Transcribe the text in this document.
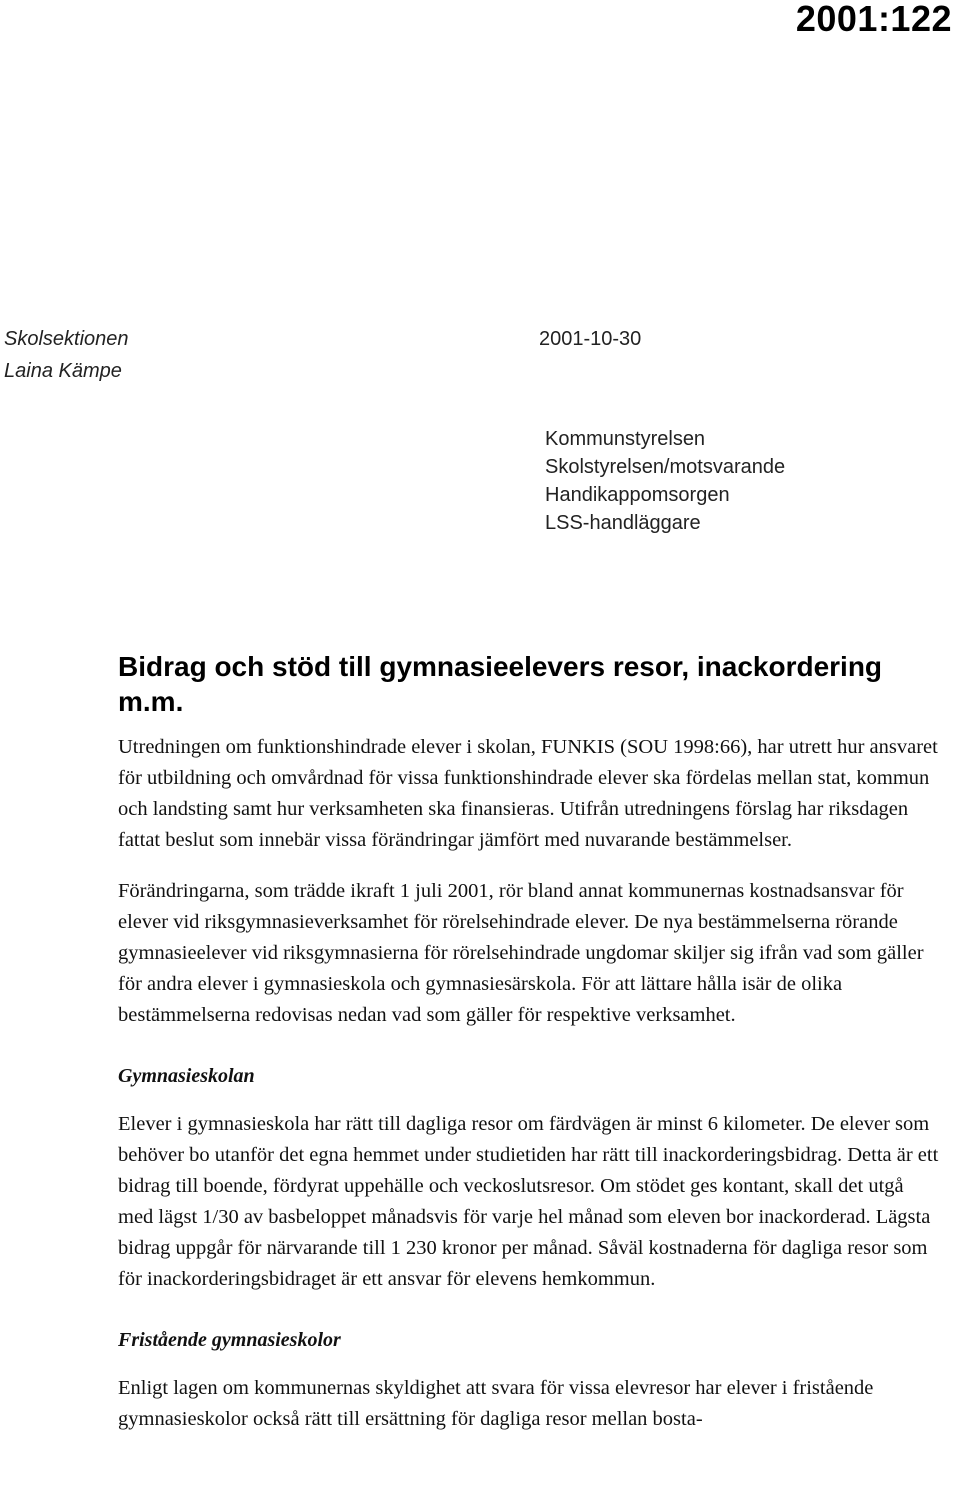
2001:122
Skolsektionen
Laina Kämpe
2001-10-30
Kommunstyrelsen
Skolstyrelsen/motsvarande
Handikappomsorgen
LSS-handläggare
Bidrag och stöd till gymnasieelevers resor, inackordering m.m.

Utredningen om funktionshindrade elever i skolan, FUNKIS (SOU 1998:66), har utrett hur ansvaret för utbildning och omvårdnad för vissa funktionshindrade elever ska fördelas mellan stat, kommun och landsting samt hur verksamheten ska finansieras. Utifrån utredningens förslag har riksdagen fattat beslut som innebär vissa förändringar jämfört med nuvarande bestämmelser.

Förändringarna, som trädde ikraft 1 juli 2001, rör bland annat kommunernas kostnadsansvar för elever vid riksgymnasieverksamhet för rörelsehindrade elever. De nya bestämmelserna rörande gymnasieelever vid riksgymnasierna för rörelsehindrade ungdomar skiljer sig ifrån vad som gäller för andra elever i gymnasieskola och gymnasiesärskola. För att lättare hålla isär de olika bestämmelserna redovisas nedan vad som gäller för respektive verksamhet.

Gymnasieskolan

Elever i gymnasieskola har rätt till dagliga resor om färdvägen är minst 6 kilometer. De elever som behöver bo utanför det egna hemmet under studietiden har rätt till inackorderingsbidrag. Detta är ett bidrag till boende, fördyrat uppehälle och veckoslutsresor. Om stödet ges kontant, skall det utgå med lägst 1/30 av basbeloppet månadsvis för varje hel månad som eleven bor inackorderad. Lägsta bidrag uppgår för närvarande till 1 230 kronor per månad. Såväl kostnaderna för dagliga resor som för inackorderingsbidraget är ett ansvar för elevens hemkommun.

Fristående gymnasieskolor

Enligt lagen om kommunernas skyldighet att svara för vissa elevresor har elever i fristående gymnasieskolor också rätt till ersättning för dagliga resor mellan bosta-
